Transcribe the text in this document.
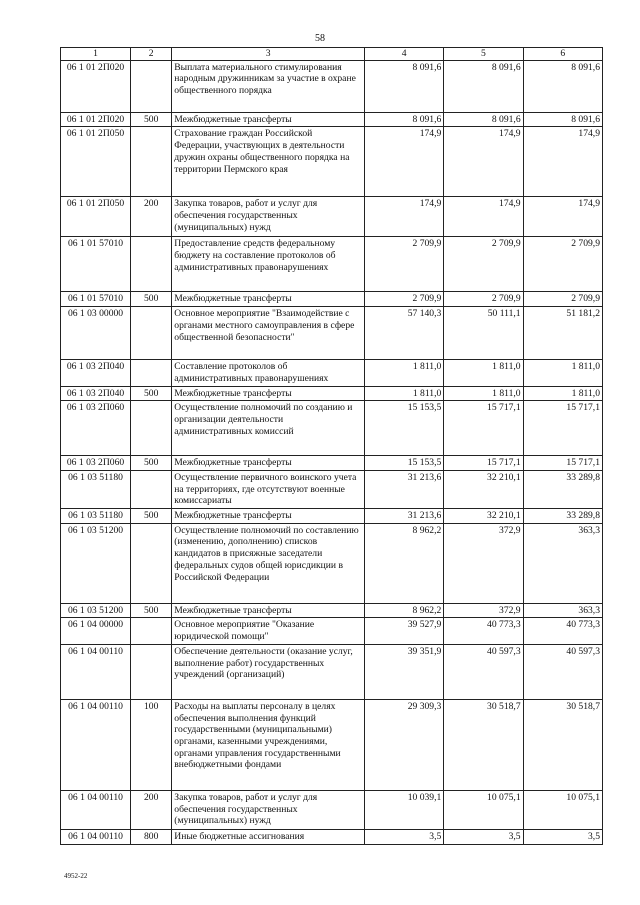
58
1	2	3	4	5	6
06 1 01 2П020		Выплата материального стимулирования народным дружинникам за участие в охране общественного порядка	8 091,6	8 091,6	8 091,6
06 1 01 2П020	500	Межбюджетные трансферты	8 091,6	8 091,6	8 091,6
06 1 01 2П050		Страхование граждан Российской Федерации, участвующих в деятельности дружин охраны общественного порядка на территории Пермского края	174,9	174,9	174,9
06 1 01 2П050	200	Закупка товаров, работ и услуг для обеспечения государственных (муниципальных) нужд	174,9	174,9	174,9
06 1 01 57010		Предоставление средств федеральному бюджету на составление протоколов об административных правонарушениях	2 709,9	2 709,9	2 709,9
06 1 01 57010	500	Межбюджетные трансферты	2 709,9	2 709,9	2 709,9
06 1 03 00000		Основное мероприятие "Взаимодействие с органами местного самоуправления в сфере общественной безопасности"	57 140,3	50 111,1	51 181,2
06 1 03 2П040		Составление протоколов об административных правонарушениях	1 811,0	1 811,0	1 811,0
06 1 03 2П040	500	Межбюджетные трансферты	1 811,0	1 811,0	1 811,0
06 1 03 2П060		Осуществление полномочий по созданию и организации деятельности административных комиссий	15 153,5	15 717,1	15 717,1
06 1 03 2П060	500	Межбюджетные трансферты	15 153,5	15 717,1	15 717,1
06 1 03 51180		Осуществление первичного воинского учета на территориях, где отсутствуют военные комиссариаты	31 213,6	32 210,1	33 289,8
06 1 03 51180	500	Межбюджетные трансферты	31 213,6	32 210,1	33 289,8
06 1 03 51200		Осуществление полномочий по составлению (изменению, дополнению) списков кандидатов в присяжные заседатели федеральных судов общей юрисдикции в Российской Федерации	8 962,2	372,9	363,3
06 1 03 51200	500	Межбюджетные трансферты	8 962,2	372,9	363,3
06 1 04 00000		Основное мероприятие "Оказание юридической помощи"	39 527,9	40 773,3	40 773,3
06 1 04 00110		Обеспечение деятельности (оказание услуг, выполнение работ) государственных учреждений (организаций)	39 351,9	40 597,3	40 597,3
06 1 04 00110	100	Расходы на выплаты персоналу в целях обеспечения выполнения функций государственными (муниципальными) органами, казенными учреждениями, органами управления государственными внебюджетными фондами	29 309,3	30 518,7	30 518,7
06 1 04 00110	200	Закупка товаров, работ и услуг для обеспечения государственных (муниципальных) нужд	10 039,1	10 075,1	10 075,1
06 1 04 00110	800	Иные бюджетные ассигнования	3,5	3,5	3,5
4952-22
